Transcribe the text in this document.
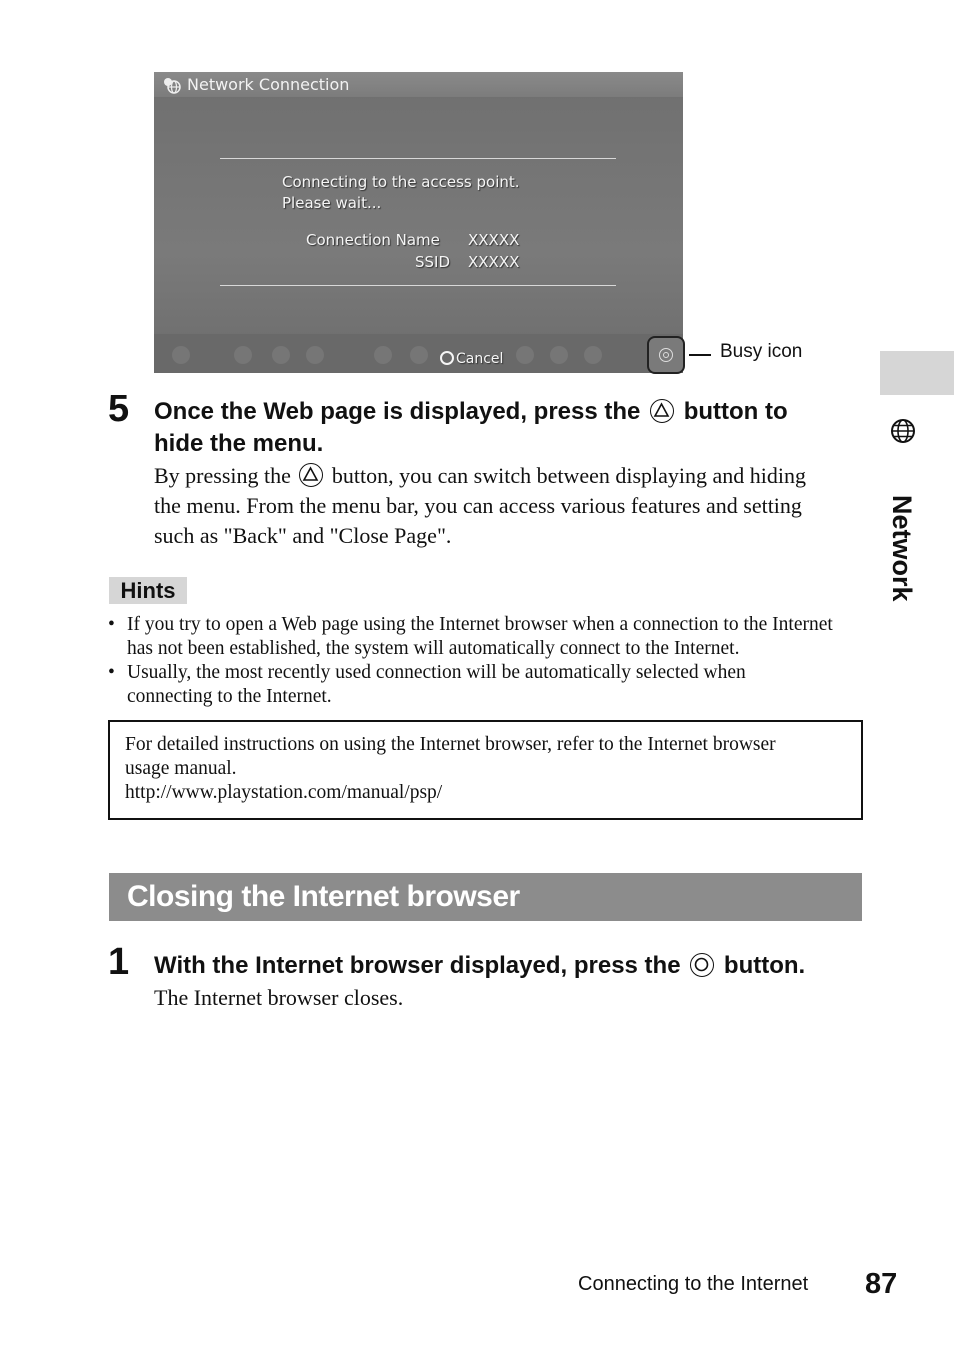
Network Connection
Connecting to the access point.
Please wait...
Connection Name XXXXX
SSID XXXXX
Cancel	Busy icon
Network
5 Once the Web page is displayed, press the button to
hide the menu.
By pressing the button, you can switch between displaying and hiding
the menu. From the menu bar, you can access various features and setting
such as "Back" and "Close Page".
Hints
• If you try to open a Web page using the Internet browser when a connection to the Internet
has not been established, the system will automatically connect to the Internet.
• Usually, the most recently used connection will be automatically selected when
connecting to the Internet.
For detailed instructions on using the Internet browser, refer to the Internet browser
usage manual.
http://www.playstation.com/manual/psp/
Closing the Internet browser
1 With the Internet browser displayed, press the button.
The Internet browser closes.
Connecting to the Internet 87
